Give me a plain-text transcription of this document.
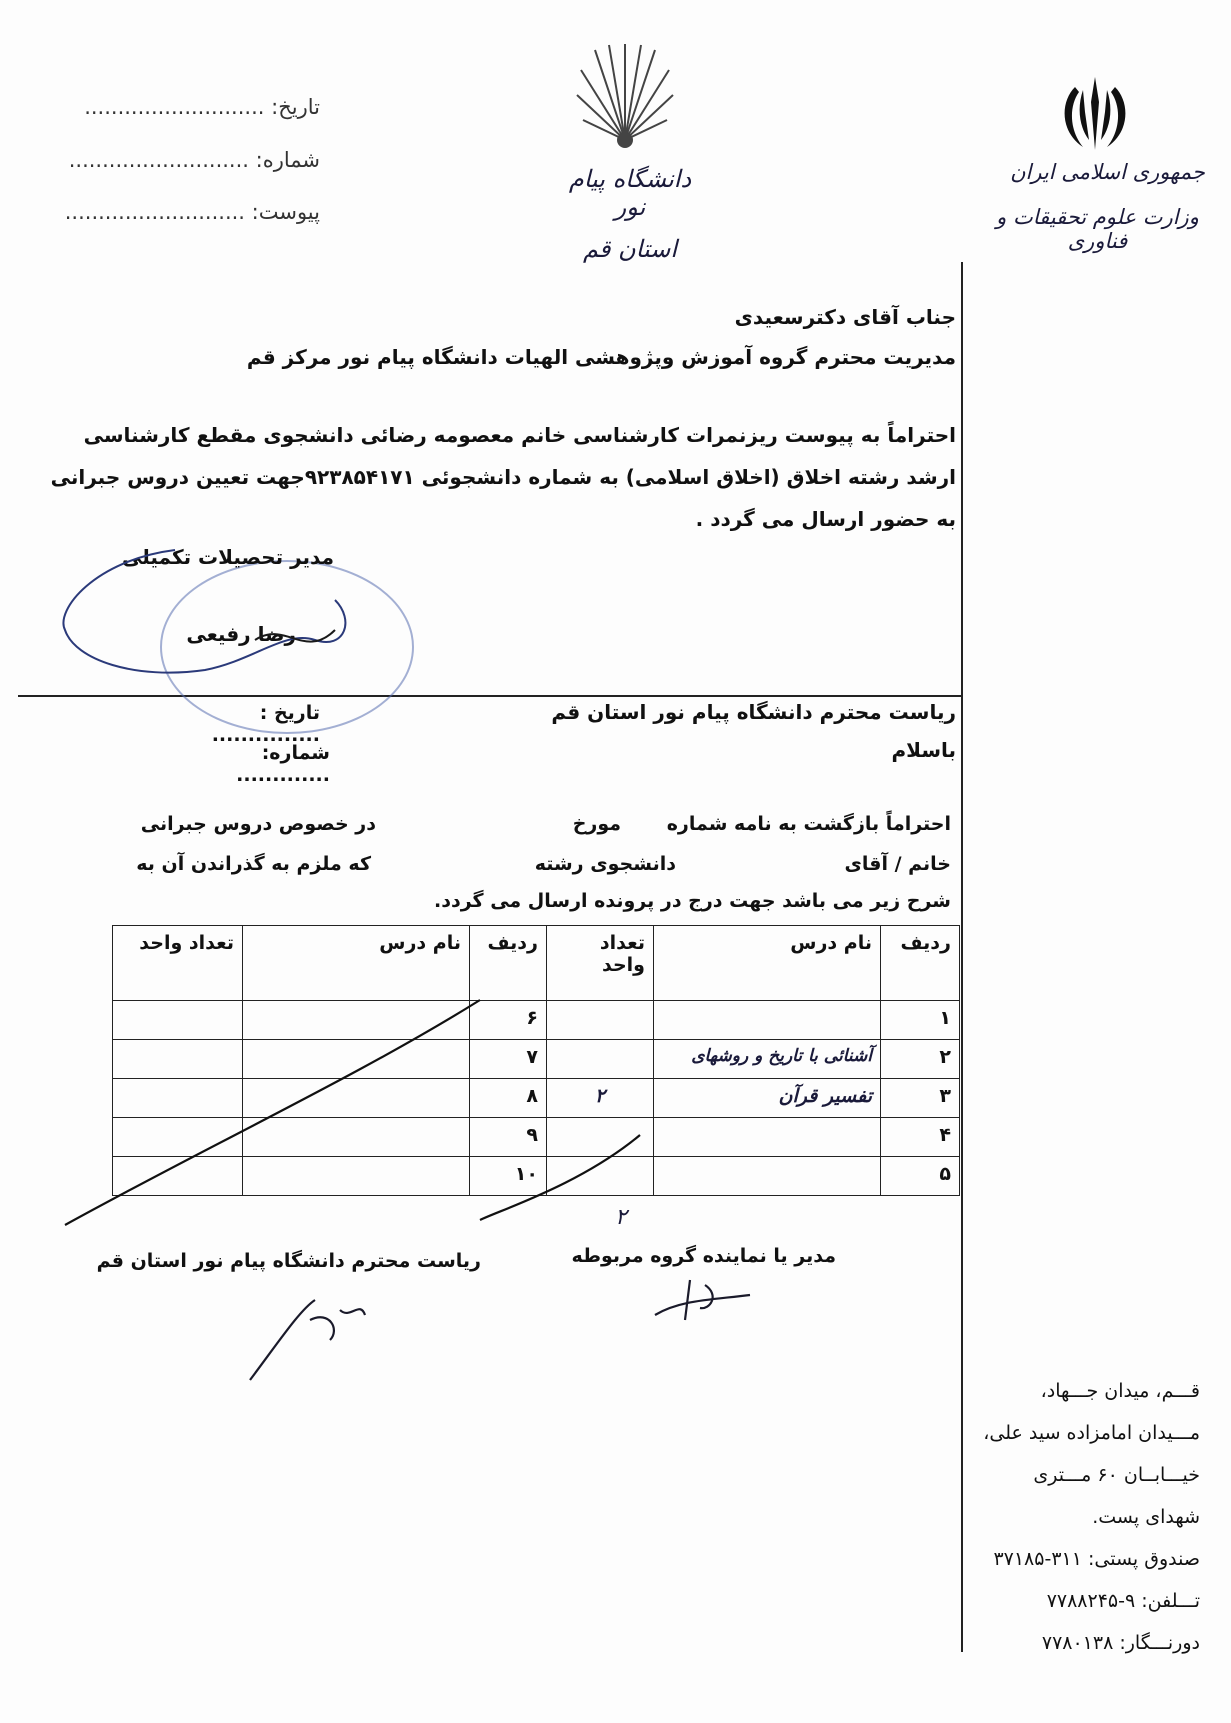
تاریخ: ...........................
شماره: ...........................
پیوست: ...........................
دانشگاه پیام نور
استان قم
جمهوری اسلامی ایران
وزارت علوم تحقیقات و فناوری
جناب آقای دکترسعیدی
مدیریت محترم گروه آموزش وپژوهشی الهیات دانشگاه پیام نور مرکز قم
احتراماً به پیوست ریزنمرات کارشناسی خانم معصومه رضائی دانشجوی مقطع کارشناسی
ارشد رشته اخلاق (اخلاق اسلامی) به شماره دانشجوئی ۹۲۳۸۵۴۱۷۱جهت تعیین دروس جبرانی
به حضور ارسال می گردد .
مدیر تحصیلات تکمیلی
رضا رفیعی
ریاست محترم دانشگاه پیام نور استان قم
باسلام
تاریخ : ...............
شماره: .............
احتراماً بازگشت به نامه شماره
مورخ
در خصوص دروس جبرانی
خانم / آقای
دانشجوی رشته
که ملزم به گذراندن آن به
شرح زیر می باشد جهت درج در پرونده ارسال می گردد.
ردیف	نام درس	تعداد واحد	ردیف	نام درس	تعداد واحد
۱			۶		
۲	آشنائی با تاریخ و روشهای		۷		
۳	تفسیر قرآن	۲	۸		
۴			۹		
۵			۱۰		
۲
مدیر یا نماینده گروه مربوطه
ریاست محترم دانشگاه پیام نور استان قم
قـــم، میدان جـــهاد،
مـــیدان امامزاده سید علی،
خیـــابــان ۶۰ مـــتری
شهدای پست.
صندوق پستی: ۳۱۱-۳۷۱۸۵
تـــلفن: ۹-۷۷۸۸۲۴۵
دورنـــگار: ۷۷۸۰۱۳۸
